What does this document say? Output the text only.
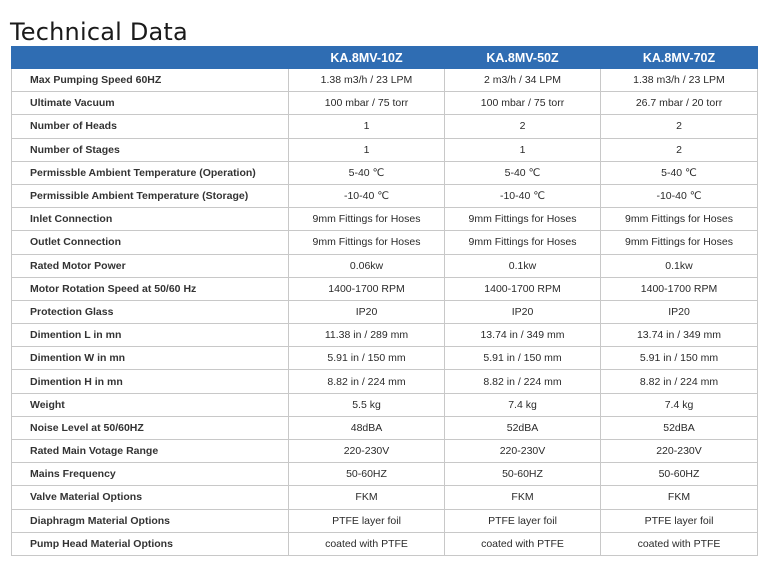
Technical Data
	KA.8MV-10Z	KA.8MV-50Z	KA.8MV-70Z
Max Pumping Speed 60HZ	1.38 m3/h / 23 LPM	2 m3/h / 34 LPM	1.38 m3/h / 23 LPM
Ultimate Vacuum	100 mbar / 75 torr	100 mbar / 75 torr	26.7 mbar / 20 torr
Number of Heads	1	2	2
Number of Stages	1	1	2
Permissble Ambient Temperature (Operation)	5-40 ℃	5-40 ℃	5-40 ℃
Permissible Ambient Temperature (Storage)	-10-40 ℃	-10-40 ℃	-10-40 ℃
Inlet Connection	9mm Fittings for Hoses	9mm Fittings for Hoses	9mm Fittings for Hoses
Outlet Connection	9mm Fittings for Hoses	9mm Fittings for Hoses	9mm Fittings for Hoses
Rated Motor Power	0.06kw	0.1kw	0.1kw
Motor Rotation Speed at 50/60 Hz	1400-1700 RPM	1400-1700 RPM	1400-1700 RPM
Protection Glass	IP20	IP20	IP20
Dimention L in mn	11.38 in / 289 mm	13.74 in / 349 mm	13.74 in / 349 mm
Dimention W in mn	5.91 in / 150 mm	5.91 in / 150 mm	5.91 in / 150 mm
Dimention H in mn	8.82 in / 224 mm	8.82 in / 224 mm	8.82 in / 224 mm
Weight	5.5 kg	7.4 kg	7.4 kg
Noise Level at 50/60HZ	48dBA	52dBA	52dBA
Rated Main Votage Range	220-230V	220-230V	220-230V
Mains Frequency	50-60HZ	50-60HZ	50-60HZ
Valve Material Options	FKM	FKM	FKM
Diaphragm Material Options	PTFE layer foil	PTFE layer foil	PTFE layer foil
Pump Head Material Options	coated with PTFE	coated with PTFE	coated with PTFE
